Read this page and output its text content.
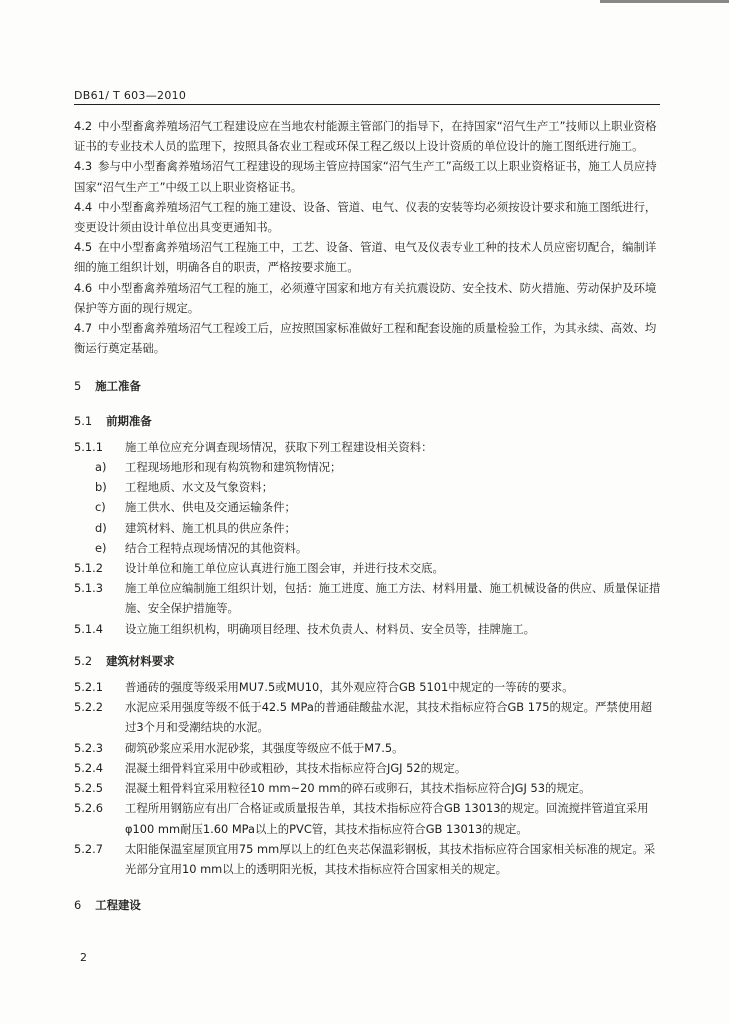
DB61/ T 603—2010

4.2 中小型畜禽养殖场沼气工程建设应在当地农村能源主管部门的指导下，在持国家“沼气生产工”技师以上职业资格证书的专业技术人员的监理下，按照具备农业工程或环保工程乙级以上设计资质的单位设计的施工图纸进行施工。

4.3 参与中小型畜禽养殖场沼气工程建设的现场主管应持国家“沼气生产工”高级工以上职业资格证书，施工人员应持国家“沼气生产工”中级工以上职业资格证书。

4.4 中小型畜禽养殖场沼气工程的施工建设、设备、管道、电气、仪表的安装等均必须按设计要求和施工图纸进行，变更设计须由设计单位出具变更通知书。

4.5 在中小型畜禽养殖场沼气工程施工中，工艺、设备、管道、电气及仪表专业工种的技术人员应密切配合，编制详细的施工组织计划，明确各自的职责，严格按要求施工。

4.6 中小型畜禽养殖场沼气工程的施工，必须遵守国家和地方有关抗震设防、安全技术、防火措施、劳动保护及环境保护等方面的现行规定。

4.7 中小型畜禽养殖场沼气工程竣工后，应按照国家标准做好工程和配套设施的质量检验工作，为其永续、高效、均衡运行奠定基础。

5 施工准备
5.1 前期准备
5.1.1	施工单位应充分调查现场情况，获取下列工程建设相关资料：
a)	工程现场地形和现有构筑物和建筑物情况；
b)	工程地质、水文及气象资料；
c)	施工供水、供电及交通运输条件；
d)	建筑材料、施工机具的供应条件；
e)	结合工程特点现场情况的其他资料。
5.1.2	设计单位和施工单位应认真进行施工图会审，并进行技术交底。
5.1.3	施工单位应编制施工组织计划，包括：施工进度、施工方法、材料用量、施工机械设备的供应、质量保证措施、安全保护措施等。
5.1.4	设立施工组织机构，明确项目经理、技术负责人、材料员、安全员等，挂牌施工。
5.2 建筑材料要求
5.2.1	普通砖的强度等级采用MU7.5或MU10，其外观应符合GB 5101中规定的一等砖的要求。
5.2.2	水泥应采用强度等级不低于42.5 MPa的普通硅酸盐水泥，其技术指标应符合GB 175的规定。严禁使用超过3个月和受潮结块的水泥。
5.2.3	砌筑砂浆应采用水泥砂浆，其强度等级应不低于M7.5。
5.2.4	混凝土细骨料宜采用中砂或粗砂，其技术指标应符合JGJ 52的规定。
5.2.5	混凝土粗骨料宜采用粒径10 mm~20 mm的碎石或卵石，其技术指标应符合JGJ 53的规定。
5.2.6	工程所用钢筋应有出厂合格证或质量报告单，其技术指标应符合GB 13013的规定。回流搅拌管道宜采用φ100 mm耐压1.60 MPa以上的PVC管，其技术指标应符合GB 13013的规定。
5.2.7	太阳能保温室屋顶宜用75 mm厚以上的红色夹芯保温彩钢板，其技术指标应符合国家相关标准的规定。采光部分宜用10 mm以上的透明阳光板，其技术指标应符合国家相关的规定。
6 工程建设
2
